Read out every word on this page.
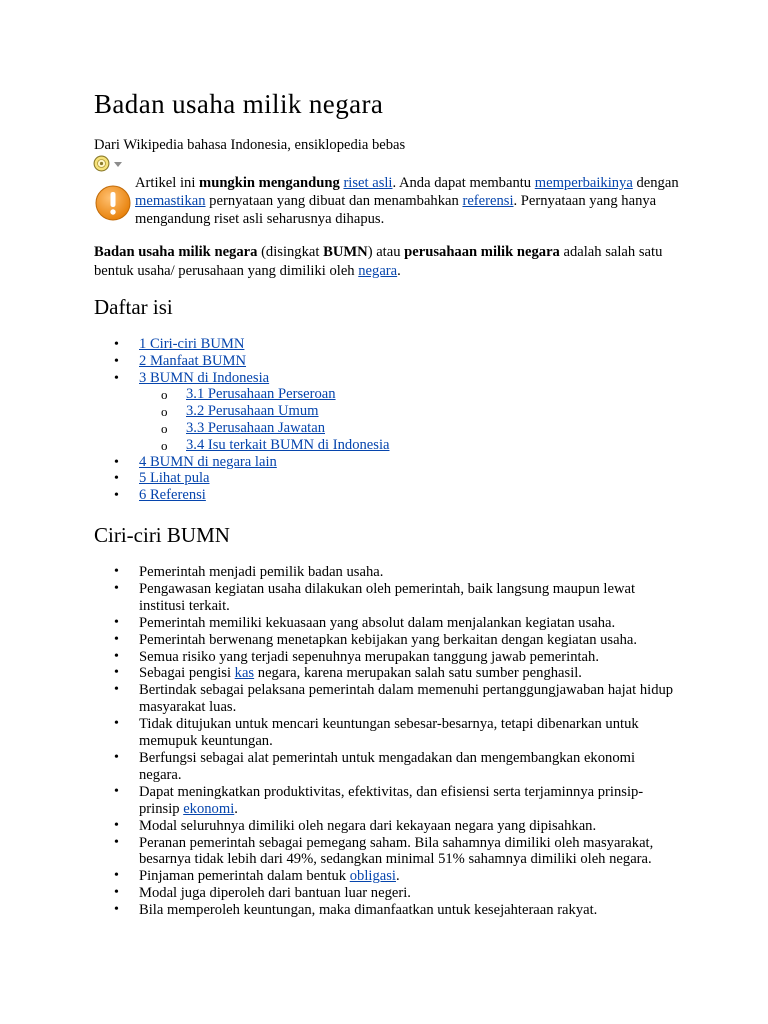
Badan usaha milik negara
Dari Wikipedia bahasa Indonesia, ensiklopedia bebas

Artikel ini mungkin mengandung riset asli. Anda dapat membantu memperbaikinya dengan memastikan pernyataan yang dibuat dan menambahkan referensi. Pernyataan yang hanya mengandung riset asli seharusnya dihapus.

Badan usaha milik negara (disingkat BUMN) atau perusahaan milik negara adalah salah satu bentuk usaha/ perusahaan yang dimiliki oleh negara.

Daftar isi
• 1 Ciri-ciri BUMN
• 2 Manfaat BUMN
• 3 BUMN di Indonesia
o 3.1 Perusahaan Perseroan
o 3.2 Perusahaan Umum
o 3.3 Perusahaan Jawatan
o 3.4 Isu terkait BUMN di Indonesia
• 4 BUMN di negara lain
• 5 Lihat pula
• 6 Referensi
Ciri-ciri BUMN
• Pemerintah menjadi pemilik badan usaha.
• Pengawasan kegiatan usaha dilakukan oleh pemerintah, baik langsung maupun lewat institusi terkait.
• Pemerintah memiliki kekuasaan yang absolut dalam menjalankan kegiatan usaha.
• Pemerintah berwenang menetapkan kebijakan yang berkaitan dengan kegiatan usaha.
• Semua risiko yang terjadi sepenuhnya merupakan tanggung jawab pemerintah.
• Sebagai pengisi kas negara, karena merupakan salah satu sumber penghasil.
• Bertindak sebagai pelaksana pemerintah dalam memenuhi pertanggungjawaban hajat hidup masyarakat luas.
• Tidak ditujukan untuk mencari keuntungan sebesar-besarnya, tetapi dibenarkan untuk memupuk keuntungan.
• Berfungsi sebagai alat pemerintah untuk mengadakan dan mengembangkan ekonomi negara.
• Dapat meningkatkan produktivitas, efektivitas, dan efisiensi serta terjaminnya prinsip-prinsip ekonomi.
• Modal seluruhnya dimiliki oleh negara dari kekayaan negara yang dipisahkan.
• Peranan pemerintah sebagai pemegang saham. Bila sahamnya dimiliki oleh masyarakat, besarnya tidak lebih dari 49%, sedangkan minimal 51% sahamnya dimiliki oleh negara.
• Pinjaman pemerintah dalam bentuk obligasi.
• Modal juga diperoleh dari bantuan luar negeri.
• Bila memperoleh keuntungan, maka dimanfaatkan untuk kesejahteraan rakyat.
